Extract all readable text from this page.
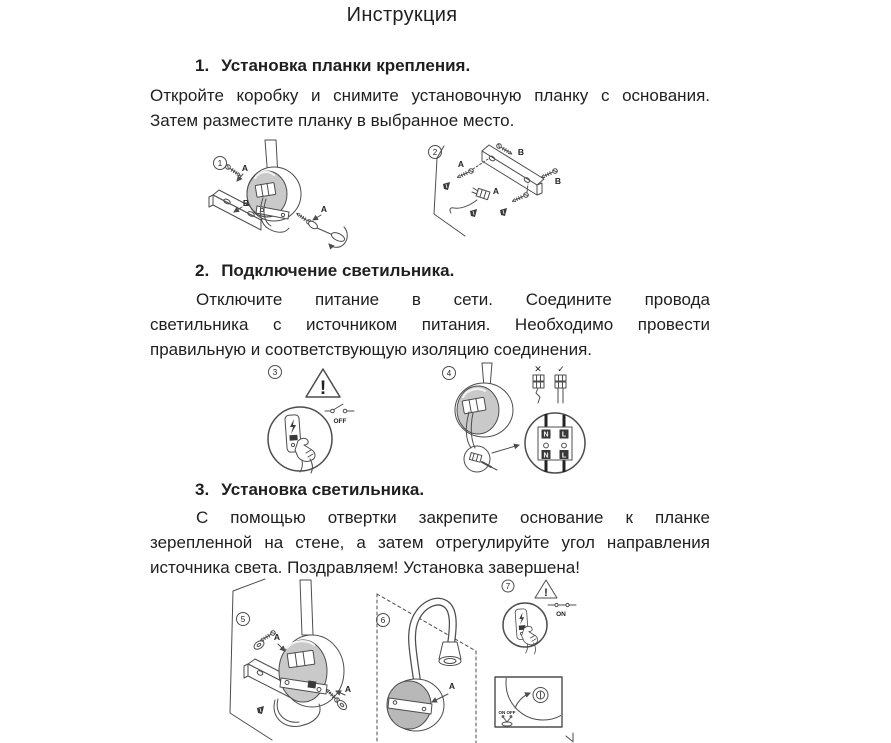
Инструкция
1. Установка планки крепления.
Откройте коробку и снимите установочную планку с основания.
Затем разместите планку в выбранное место.
2. Подключение светильника.
Отключите питание в сети. Соедините провода
светильника с источником питания. Необходимо провести
правильную и соответствующую изоляцию соединения.
3. Установка светильника.
С помощью отвертки закрепите основание к планке
зерепленной на стене, а затем отрегулируйте угол направления
источника света. Поздравляем! Установка завершена!
1 A
B
A
2	B
B
A
A
3
!
OFF
4	✕ ✓
N L
N L
5
A
A
6
A
7
!
ON
ON OFF
